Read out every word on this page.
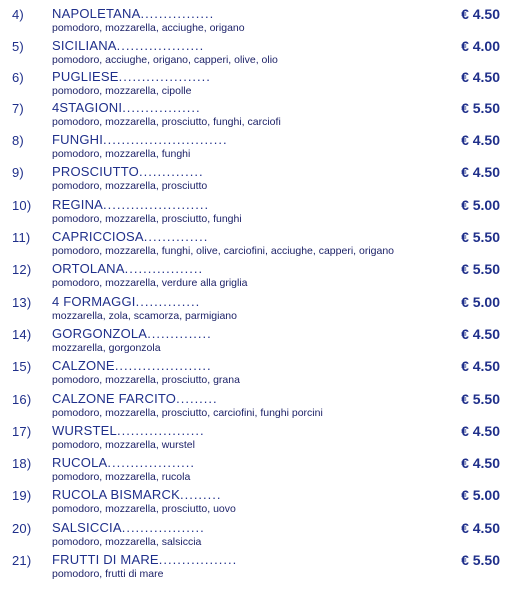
4) NAPOLETANA................
pomodoro, mozzarella, acciughe, origano
€ 4.50
5) SICILIANA...................
pomodoro, acciughe, origano, capperi, olive, olio
€ 4.00
6) PUGLIESE....................
pomodoro, mozzarella, cipolle
€ 4.50
7) 4STAGIONI.................
pomodoro, mozzarella, prosciutto, funghi, carciofi
€ 5.50
8) FUNGHI...........................
pomodoro, mozzarella, funghi
€ 4.50
9) PROSCIUTTO..............
pomodoro, mozzarella, prosciutto
€ 4.50
10) REGINA.......................
pomodoro, mozzarella, prosciutto, funghi
€ 5.00
11) CAPRICCIOSA..............
pomodoro, mozzarella, funghi, olive, carciofini, acciughe, capperi, origano
€ 5.50
12) ORTOLANA.................
pomodoro, mozzarella, verdure alla griglia
€ 5.50
13) 4 FORMAGGI..............
mozzarella, zola, scamorza, parmigiano
€ 5.00
14) GORGONZOLA..............
mozzarella, gorgonzola
€ 4.50
15) CALZONE.....................
pomodoro, mozzarella, prosciutto, grana
€ 4.50
16) CALZONE FARCITO.........
pomodoro, mozzarella, prosciutto, carciofini, funghi porcini
€ 5.50
17) WURSTEL...................
pomodoro, mozzarella, wurstel
€ 4.50
18) RUCOLA...................
pomodoro, mozzarella, rucola
€ 4.50
19) RUCOLA BISMARCK.........
pomodoro, mozzarella, prosciutto, uovo
€ 5.00
20) SALSICCIA..................
pomodoro, mozzarella, salsiccia
€ 4.50
21) FRUTTI DI MARE.................
pomodoro, frutti di mare
€ 5.50
